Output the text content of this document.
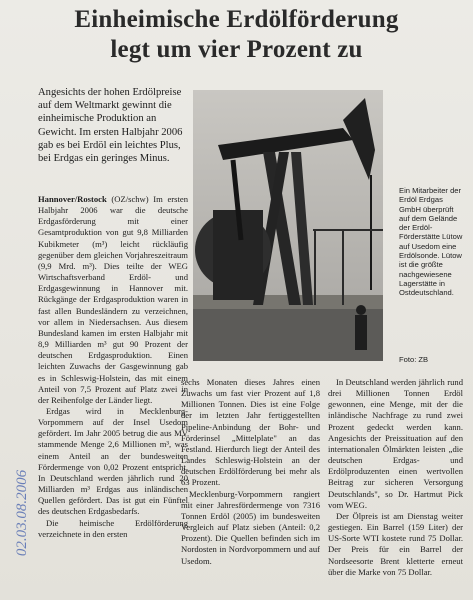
Einheimische Erdölförderung
legt um vier Prozent zu
Angesichts der hohen Erdölpreise auf dem Weltmarkt gewinnt die einheimische Produktion an Gewicht. Im ersten Halbjahr 2006 gab es bei Erdöl ein leichtes Plus, bei Erdgas ein geringes Minus.
Ein Mitarbeiter der Erdöl Erdgas GmbH überprüft auf dem Gelände der Erdöl-Förderstätte Lütow auf Usedom eine Erdölsonde. Lütow ist die größte nachgewiesene Lagerstätte in Ostdeutschland.
Foto: ZB

Hannover/Rostock (OZ/schw) Im ersten Halbjahr 2006 war die deutsche Erdgasförderung mit einer Gesamtproduktion von gut 9,8 Milliarden Kubikmeter (m³) leicht rückläufig gegenüber dem gleichen Vorjahreszeitraum (9,9 Mrd. m³). Dies teilte der WEG Wirtschaftsverband Erdöl- und Erdgasgewinnung in Hannover mit. Rückgänge der Erdgasproduktion waren in fast allen Bundesländern zu verzeichnen, vor allem in Niedersachsen. Aus diesem Bundesland kamen im ersten Halbjahr mit 8,9 Milliarden m³ gut 90 Prozent der deutschen Erdgasproduktion. Einen leichten Zuwachs der Gasgewinnung gab es in Schleswig-Holstein, das mit einem Anteil von 7,5 Prozent auf Platz zwei in der Reihenfolge der Länder liegt.

Erdgas wird in Mecklenburg-Vorpommern auf der Insel Usedom gefördert. Im Jahr 2005 betrug die aus MV stammende Menge 2,6 Millionen m³, was einem Anteil an der bundesweiten Fördermenge von 0,02 Prozent entspricht. In Deutschland werden jährlich rund 20 Milliarden m³ Erdgas aus inländischen Quellen gefördert. Das ist gut ein Fünftel des deutschen Erdgasbedarfs.

Die heimische Erdölförderung verzeichnete in den ersten

sechs Monaten dieses Jahres einen Zuwachs um fast vier Prozent auf 1,8 Millionen Tonnen. Dies ist eine Folge der im letzten Jahr fertiggestellten Pipeline-Anbindung der Bohr- und Förderinsel „Mittelplate" an das Festland. Hierdurch liegt der Anteil des Landes Schleswig-Holstein an der deutschen Erdölförderung bei mehr als 63 Prozent.

Mecklenburg-Vorpommern rangiert mit einer Jahresfördermenge von 7316 Tonnen Erdöl (2005) im bundesweiten Vergleich auf Platz sieben (Anteil: 0,2 Prozent). Die Quellen befinden sich im Nordosten in Nordvorpommern und auf Usedom.

In Deutschland werden jährlich rund drei Millionen Tonnen Erdöl gewonnen, eine Menge, mit der die inländische Nachfrage zu rund zwei Prozent gedeckt werden kann. Angesichts der Preissituation auf den internationalen Ölmärkten leisten „die deutschen Erdgas- und Erdölproduzenten einen wertvollen Beitrag zur sicheren Versorgung Deutschlands", so Dr. Hartmut Pick vom WEG.

Der Ölpreis ist am Dienstag weiter gestiegen. Ein Barrel (159 Liter) der US-Sorte WTI kostete rund 75 Dollar. Der Preis für ein Barrel der Nordseesorte Brent kletterte erneut über die Marke von 75 Dollar.

02.03.08.2006
